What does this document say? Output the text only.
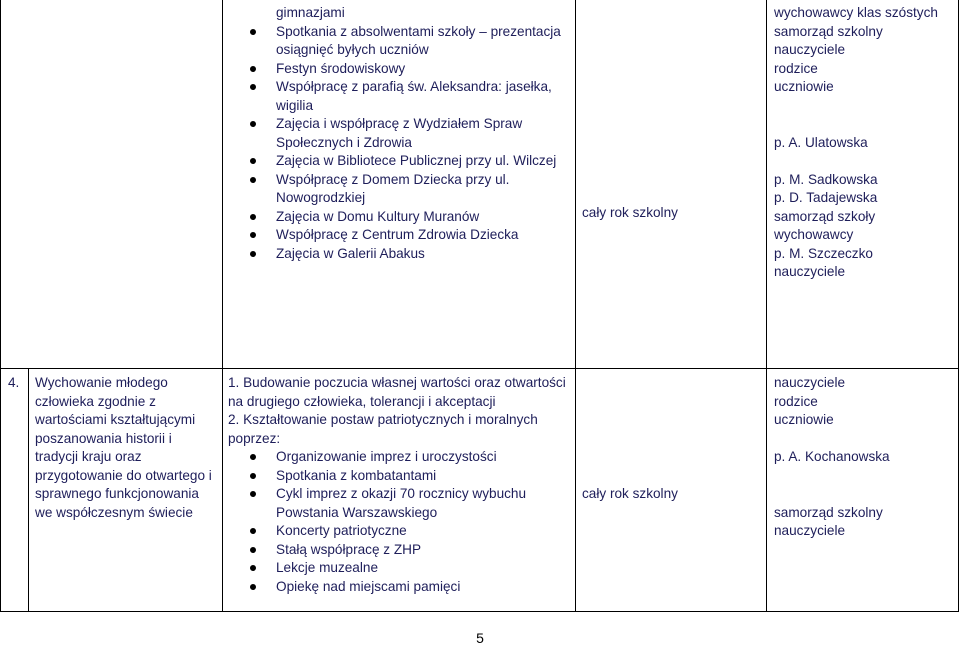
gimnazjami
Spotkania z absolwentami szkoły – prezentacja osiągnięć byłych uczniów
Festyn środowiskowy
Współpracę z parafią św. Aleksandra: jasełka, wigilia
Zajęcia i współpracę z Wydziałem Spraw Społecznych i Zdrowia
Zajęcia w Bibliotece Publicznej przy ul. Wilczej
Współpracę z Domem Dziecka przy ul. Nowogrodzkiej
Zajęcia w Domu Kultury Muranów
Współpracę z Centrum Zdrowia Dziecka
Zajęcia w Galerii Abakus
cały rok szkolny
wychowawcy klas szóstych
samorząd szkolny
nauczyciele
rodzice
uczniowie
p. A. Ulatowska
p. M. Sadkowska
p. D. Tadajewska
samorząd szkoły
wychowawcy
p. M. Szczeczko
nauczyciele
4.	Wychowanie młodego człowieka zgodnie z wartościami kształtującymi poszanowania historii i tradycji kraju oraz przygotowanie do otwartego i sprawnego funkcjonowania we współczesnym świecie
1. Budowanie poczucia własnej wartości oraz otwartości na drugiego człowieka, tolerancji i akceptacji
2. Kształtowanie postaw patriotycznych i moralnych poprzez:
Organizowanie imprez i uroczystości
Spotkania z kombatantami
Cykl imprez z okazji 70 rocznicy wybuchu Powstania Warszawskiego
Koncerty patriotyczne
Stałą współpracę z ZHP
Lekcje muzealne
Opiekę nad miejscami pamięci
cały rok szkolny
nauczyciele
rodzice
uczniowie
p. A. Kochanowska
samorząd szkolny
nauczyciele
5
